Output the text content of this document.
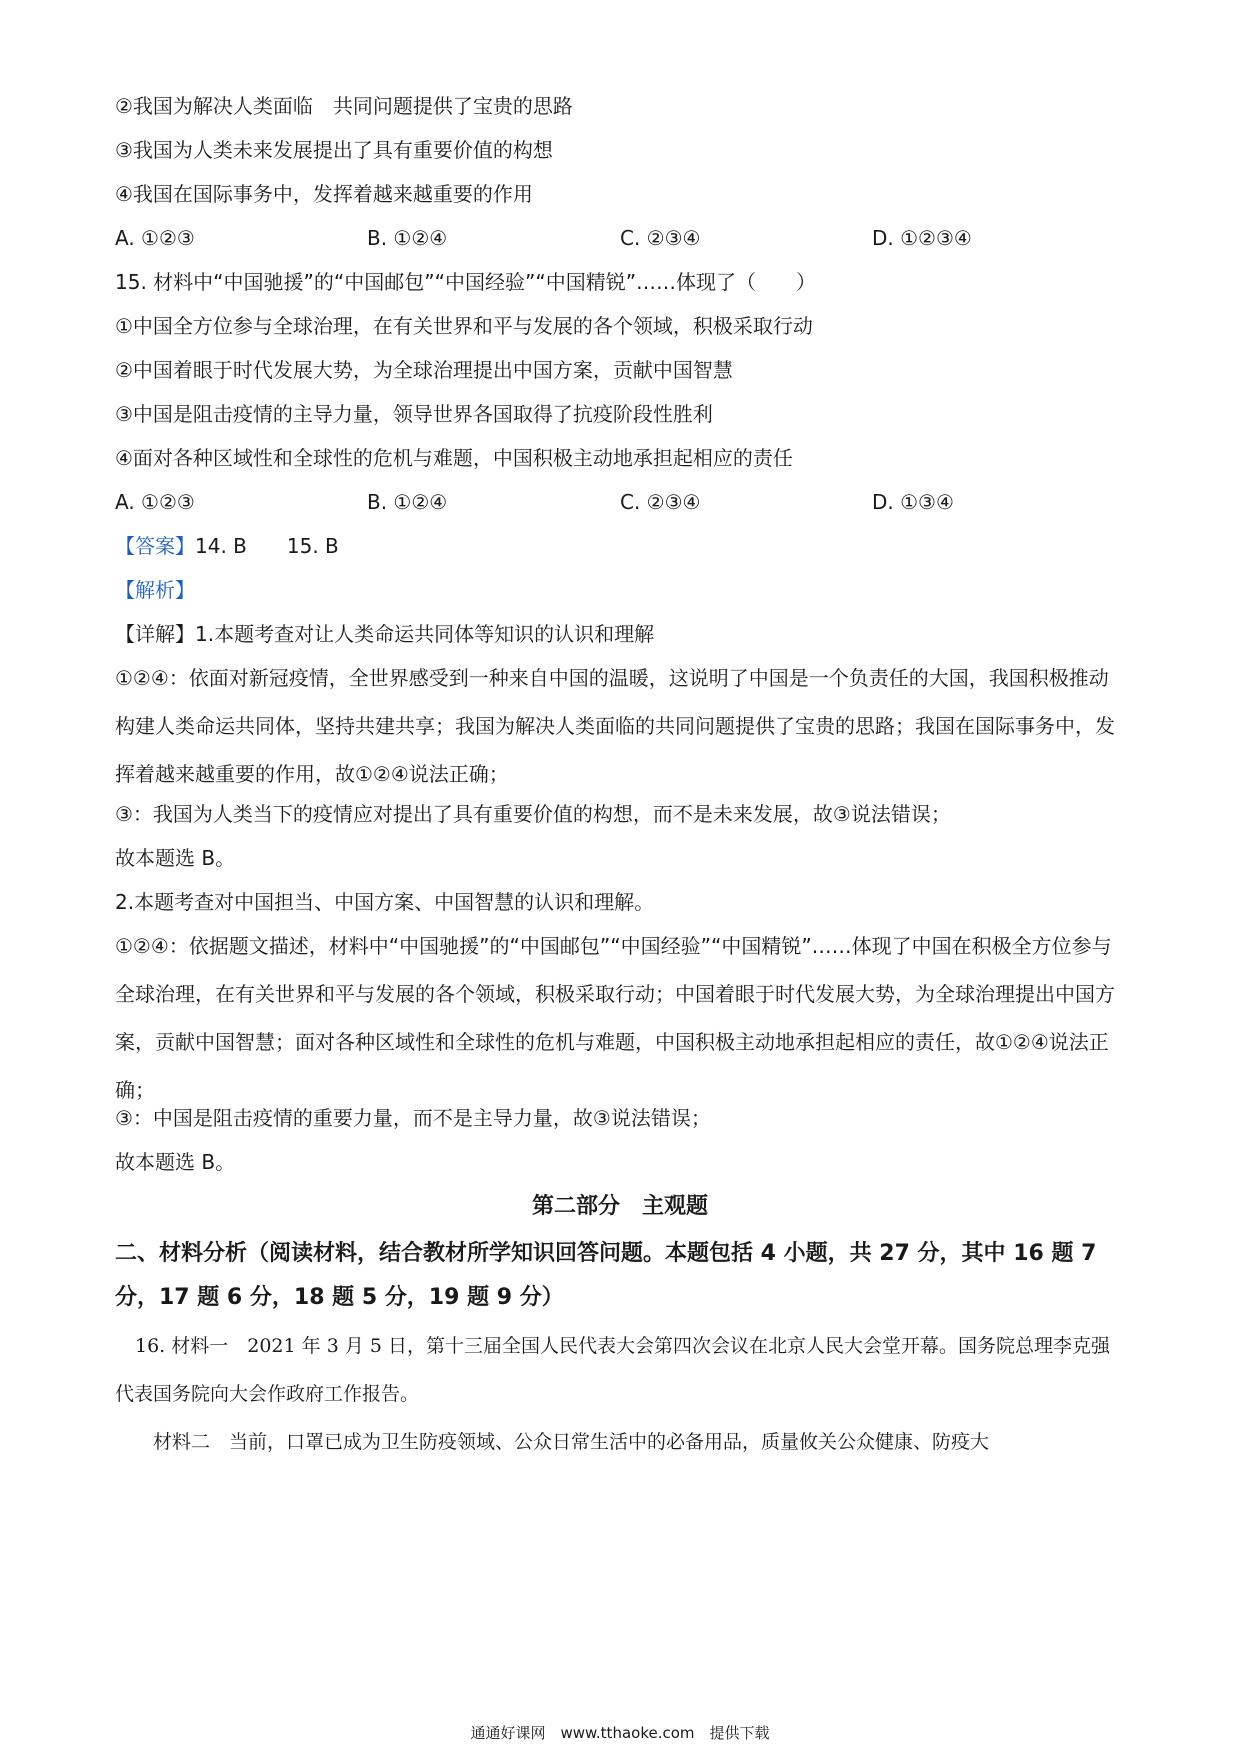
②我国为解决人类面临　共同问题提供了宝贵的思路
③我国为人类未来发展提出了具有重要价值的构想
④我国在国际事务中，发挥着越来越重要的作用
A. ①②③	B. ①②④	C. ②③④	D. ①②③④
15. 材料中“中国驰援”的“中国邮包”“中国经验”“中国精锐”……体现了（　　）
①中国全方位参与全球治理，在有关世界和平与发展的各个领域，积极采取行动
②中国着眼于时代发展大势，为全球治理提出中国方案，贡献中国智慧
③中国是阻击疫情的主导力量，领导世界各国取得了抗疫阶段性胜利
④面对各种区域性和全球性的危机与难题，中国积极主动地承担起相应的责任
A. ①②③	B. ①②④	C. ②③④	D. ①③④
【答案】14. B　　15. B
【解析】
【详解】1.本题考查对让人类命运共同体等知识的认识和理解
①②④：依面对新冠疫情，全世界感受到一种来自中国的温暖，这说明了中国是一个负责任的大国，我国积极推动构建人类命运共同体，坚持共建共享；我国为解决人类面临的共同问题提供了宝贵的思路；我国在国际事务中，发挥着越来越重要的作用，故①②④说法正确；
③：我国为人类当下的疫情应对提出了具有重要价值的构想，而不是未来发展，故③说法错误；
故本题选 B。
2.本题考查对中国担当、中国方案、中国智慧的认识和理解。
①②④：依据题文描述，材料中“中国驰援”的“中国邮包”“中国经验”“中国精锐”……体现了中国在积极全方位参与全球治理，在有关世界和平与发展的各个领域，积极采取行动；中国着眼于时代发展大势，为全球治理提出中国方案，贡献中国智慧；面对各种区域性和全球性的危机与难题，中国积极主动地承担起相应的责任，故①②④说法正确；
③：中国是阻击疫情的重要力量，而不是主导力量，故③说法错误；
故本题选 B。
第二部分　主观题
二、材料分析（阅读材料，结合教材所学知识回答问题。本题包括 4 小题，共 27 分，其中 16 题 7 分，17 题 6 分，18 题 5 分，19 题 9 分）
16. 材料一　2021 年 3 月 5 日，第十三届全国人民代表大会第四次会议在北京人民大会堂开幕。国务院总理李克强代表国务院向大会作政府工作报告。
材料二　当前，口罩已成为卫生防疫领域、公众日常生活中的必备用品，质量攸关公众健康、防疫大
通通好课网　www.tthaoke.com　提供下载
